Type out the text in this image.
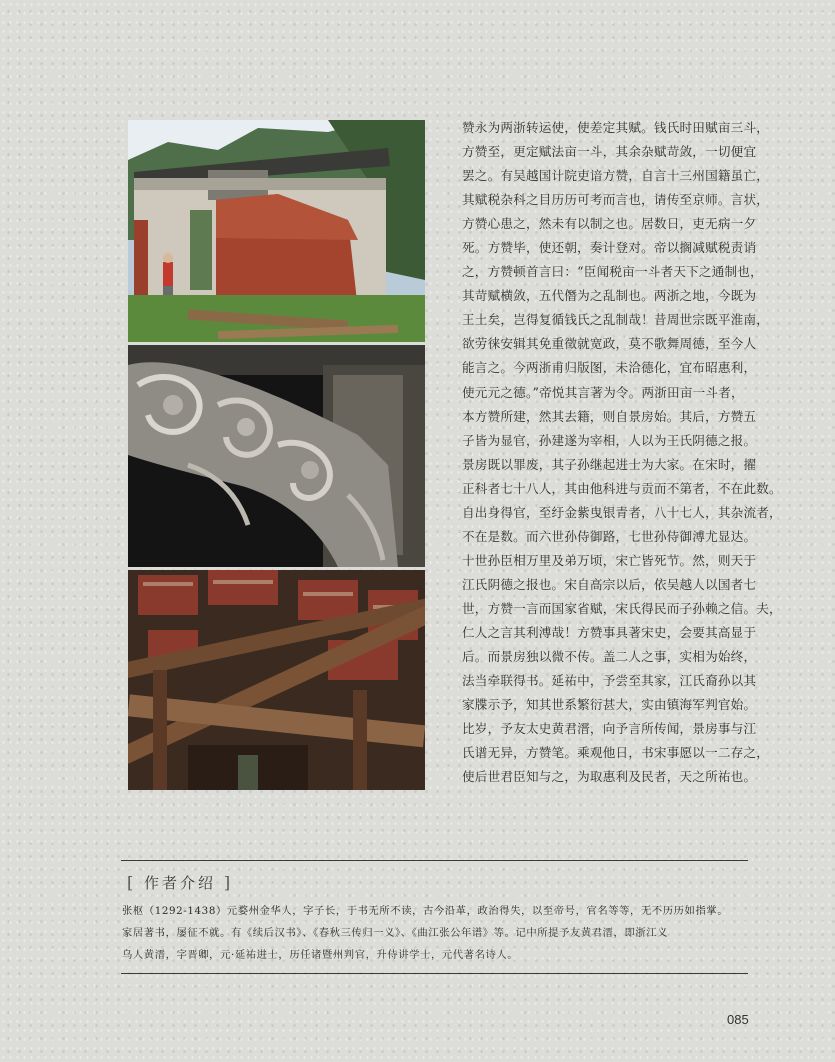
赞永为两浙转运使，使差定其赋。钱氏时田赋亩三斗，
方赞至，更定赋法亩一斗，其余杂赋苛敛，一切便宜
罢之。有吴越国计院吏谙方赞，自言十三州国籍虽亡，
其赋税杂科之目历历可考而言也，请传至京师。言状，
方赞心患之，然未有以制之也。居数日，吏无病一夕
死。方赞毕，使还朝，奏计登对。帝以搁减赋税责诮
之，方赞顿首言曰：“臣闻税亩一斗者天下之通制也，
其苛赋横敛，五代僭为之乱制也。两浙之地，今既为
王土矣，岂得复循钱氏之乱制哉！昔周世宗既平淮南，
欲劳徕安辑其免重徵就宽政，莫不歌舞周德，至今人
能言之。今两浙甫归版图，未洽德化，宜布昭惠利，
使元元之德。”帝悦其言著为令。两浙田亩一斗者，
本方赞所建，然其去籍，则自景房始。其后，方赞五
子皆为显官，孙建遂为宰相，人以为王氏阴德之报。
景房既以罪废，其子孙继起进士为大家。在宋时，擢
正科者七十八人，其由他科进与贡而不第者，不在此数。
自出身得官，至纡金紫曳银青者，八十七人，其杂流者，
不在是数。而六世孙侍御路，七世孙侍御溥尤显达。
十世孙臣相万里及弟万顷，宋亡皆死节。然，则天于
江氏阴德之报也。宋自高宗以后，依吴越人以国者七
世，方赞一言而国家省赋，宋氏得民而子孙赖之信。夫，
仁人之言其利溥哉！方赞事具著宋史，会要其高显于
后。而景房独以微不传。盖二人之事，实相为始终，
法当牵联得书。延祐中，予尝至其家，江氏裔孙以其
家牒示予，知其世系繁衍甚大，实由镇海军判官始。
比岁，予友太史黄君溍，向予言所传闻，景房事与江
氏谱无异，方赞笔。乘观他日，书宋事愿以一二存之，
使后世君臣知与之，为取惠利及民者，天之所祐也。
[ 作者介绍 ]
张枢（1292-1438）元婺州金华人，字子长，于书无所不读，古今沿革，政治得失，以至帝号，官名等等，无不历历如指掌。
家居著书，屡征不就。有《续后汉书》、《春秋三传归一义》、《曲江张公年谱》等。记中所提予友黄君溍，即浙江义
乌人黄溍，字晋卿，元·延祐进士，历任诸暨州判官，升侍讲学士，元代著名诗人。
085
